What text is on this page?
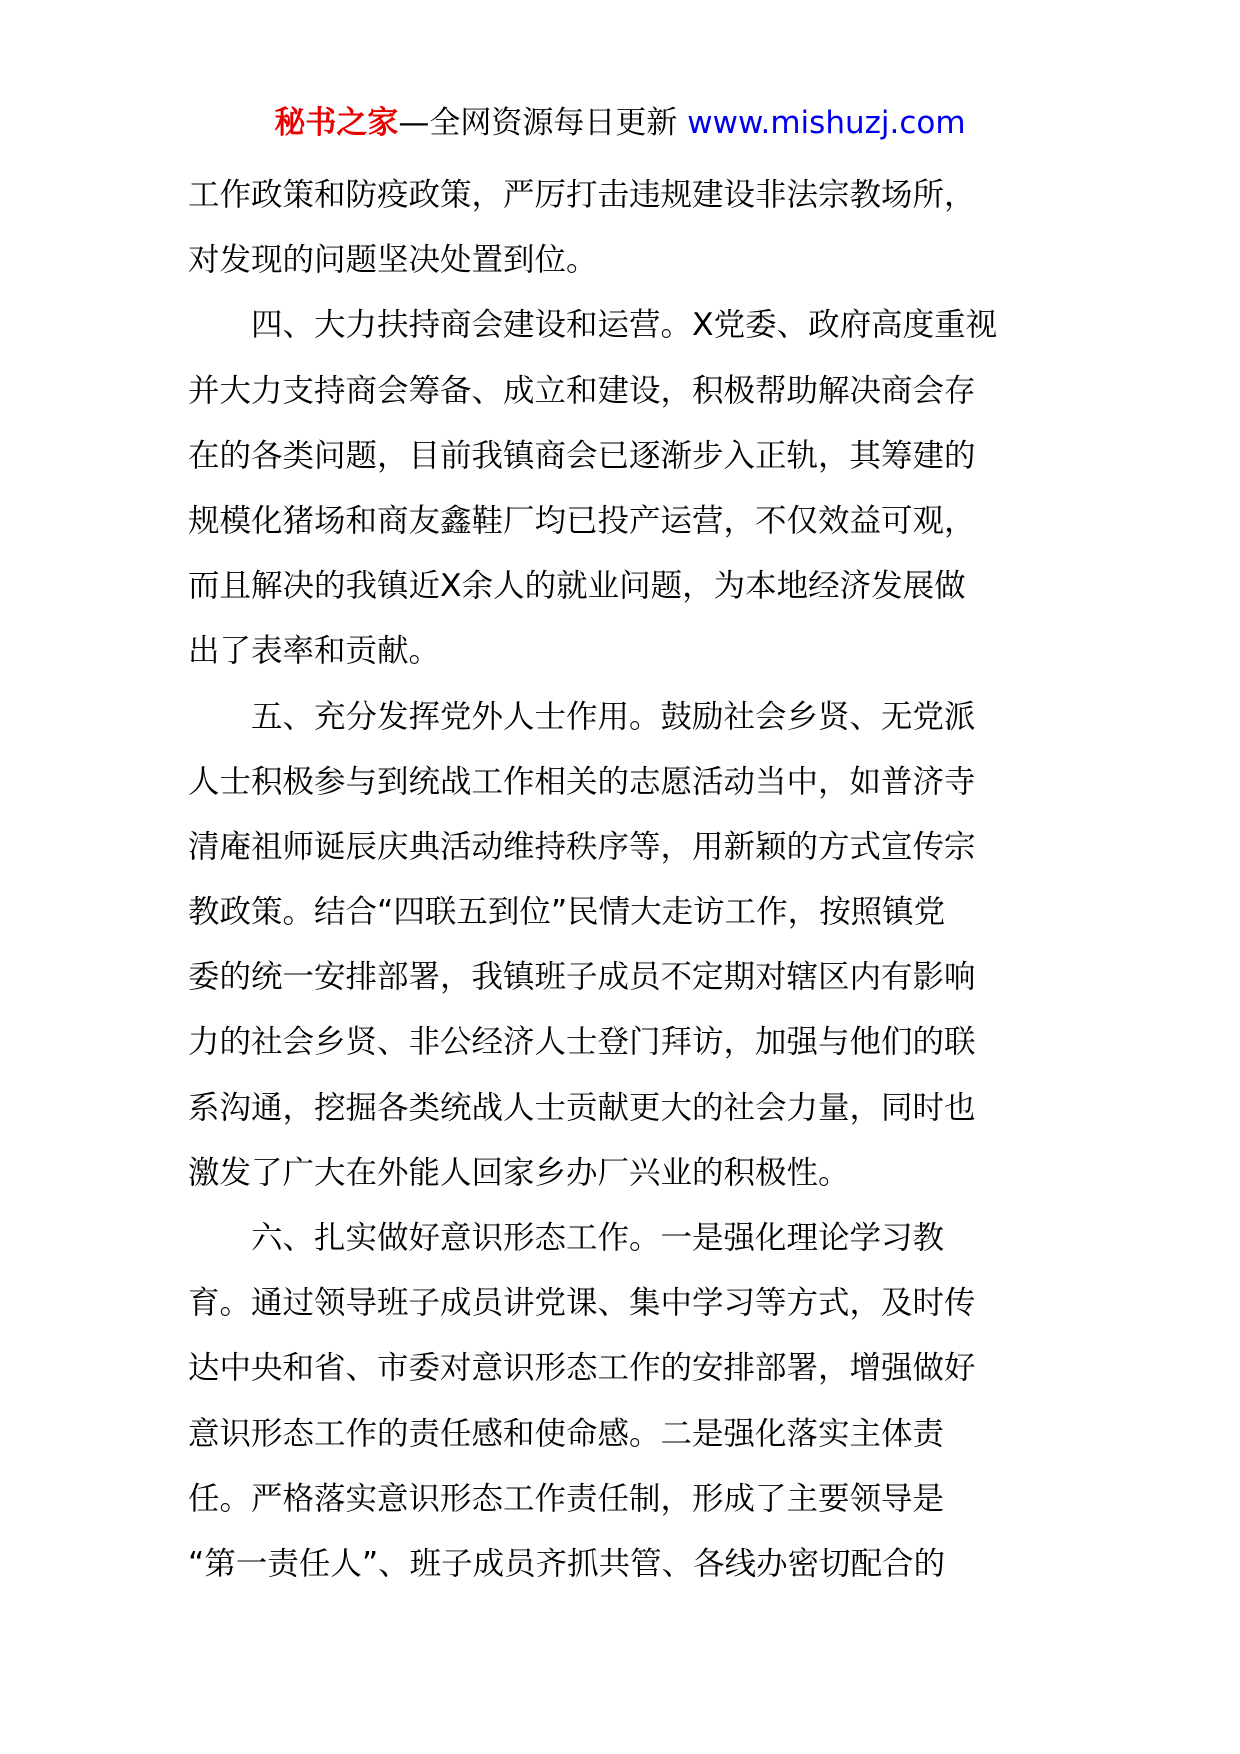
秘书之家—全网资源每日更新 www.mishuzj.com
工作政策和防疫政策，严厉打击违规建设非法宗教场所，
对发现的问题坚决处置到位。
　　四、大力扶持商会建设和运营。X党委、政府高度重视
并大力支持商会筹备、成立和建设，积极帮助解决商会存
在的各类问题，目前我镇商会已逐渐步入正轨，其筹建的
规模化猪场和商友鑫鞋厂均已投产运营，不仅效益可观，
而且解决的我镇近X余人的就业问题，为本地经济发展做
出了表率和贡献。
　　五、充分发挥党外人士作用。鼓励社会乡贤、无党派
人士积极参与到统战工作相关的志愿活动当中，如普济寺
清庵祖师诞辰庆典活动维持秩序等，用新颖的方式宣传宗
教政策。结合“四联五到位”民情大走访工作，按照镇党
委的统一安排部署，我镇班子成员不定期对辖区内有影响
力的社会乡贤、非公经济人士登门拜访，加强与他们的联
系沟通，挖掘各类统战人士贡献更大的社会力量，同时也
激发了广大在外能人回家乡办厂兴业的积极性。
　　六、扎实做好意识形态工作。一是强化理论学习教
育。通过领导班子成员讲党课、集中学习等方式，及时传
达中央和省、市委对意识形态工作的安排部署，增强做好
意识形态工作的责任感和使命感。二是强化落实主体责
任。严格落实意识形态工作责任制，形成了主要领导是
“第一责任人”、班子成员齐抓共管、各线办密切配合的
